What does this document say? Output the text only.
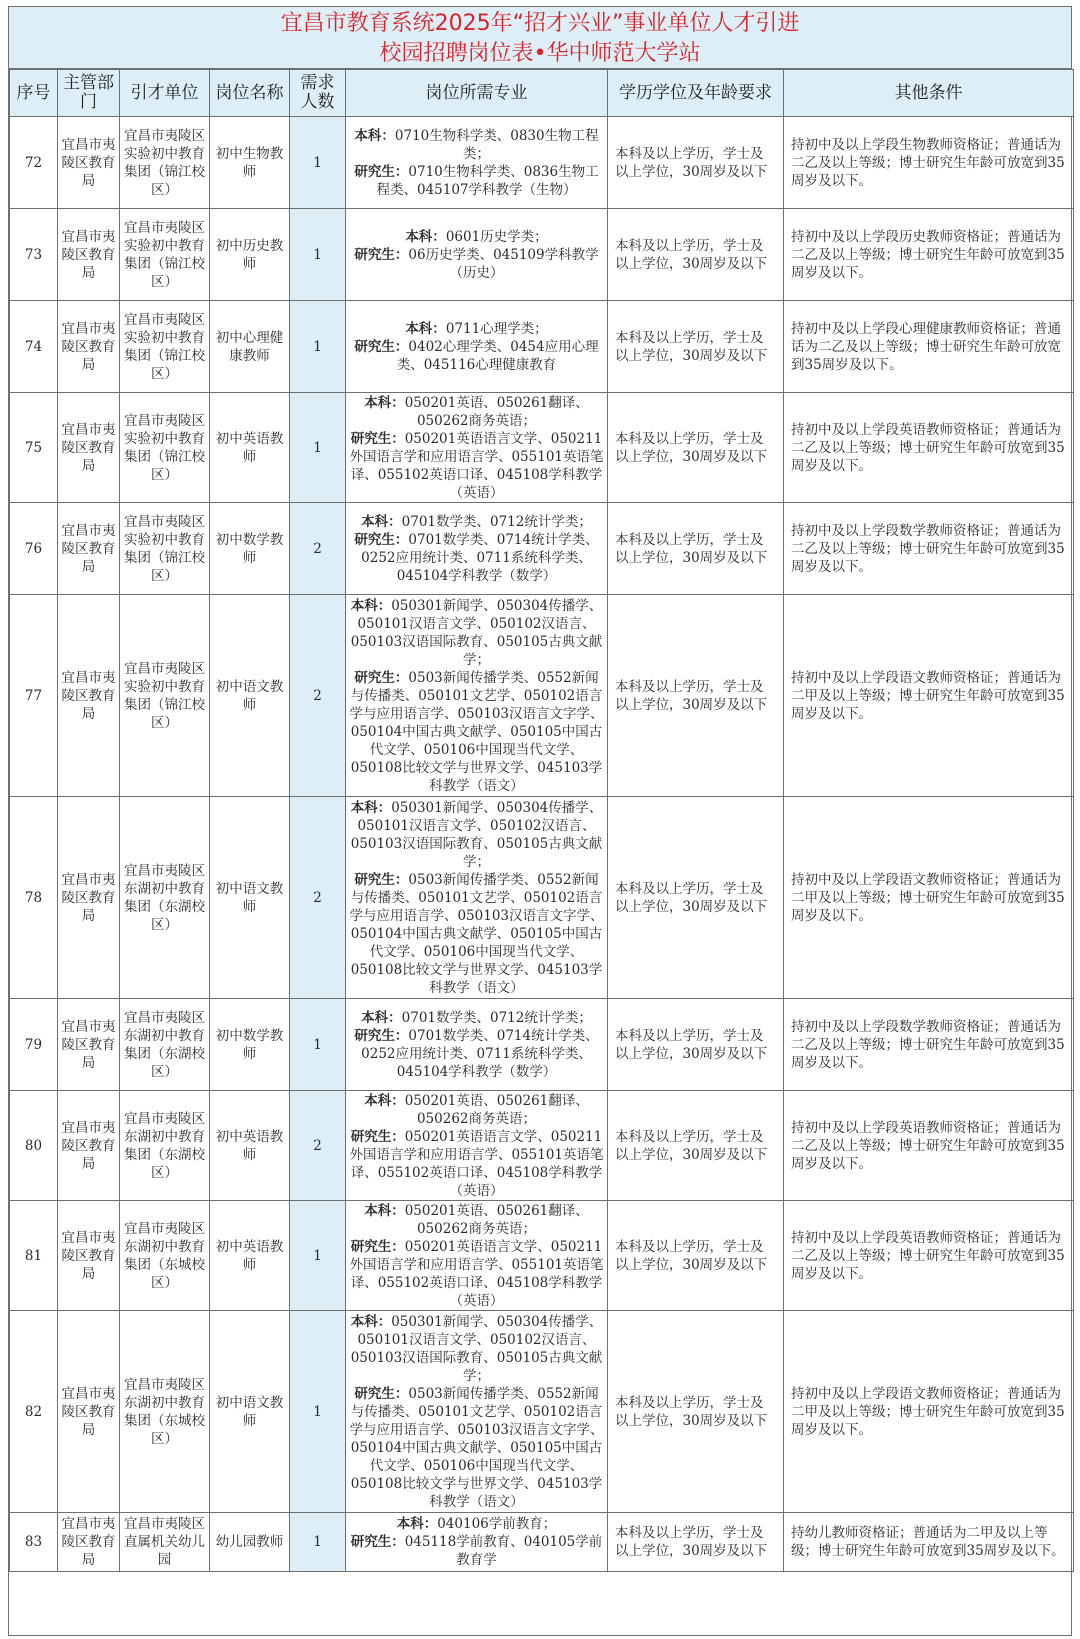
宜昌市教育系统2025年“招才兴业”事业单位人才引进
校园招聘岗位表•华中师范大学站
序号	主管部门	引才单位	岗位名称	需求人数	岗位所需专业	学历学位及年龄要求	其他条件
72	宜昌市夷陵区教育局	宜昌市夷陵区实验初中教育集团（锦江校区）	初中生物教师	1	本科：0710生物科学类、0830生物工程类；
研究生：0710生物科学类、0836生物工程类、045107学科教学（生物）	本科及以上学历，学士及以上学位，30周岁及以下	持初中及以上学段生物教师资格证；普通话为二乙及以上等级；博士研究生年龄可放宽到35周岁及以下。
73	宜昌市夷陵区教育局	宜昌市夷陵区实验初中教育集团（锦江校区）	初中历史教师	1	本科：0601历史学类；
研究生：06历史学类、045109学科教学（历史）	本科及以上学历，学士及以上学位，30周岁及以下	持初中及以上学段历史教师资格证；普通话为二乙及以上等级；博士研究生年龄可放宽到35周岁及以下。
74	宜昌市夷陵区教育局	宜昌市夷陵区实验初中教育集团（锦江校区）	初中心理健康教师	1	本科：0711心理学类；
研究生：0402心理学类、0454应用心理类、045116心理健康教育	本科及以上学历，学士及以上学位，30周岁及以下	持初中及以上学段心理健康教师资格证；普通话为二乙及以上等级；博士研究生年龄可放宽到35周岁及以下。
75	宜昌市夷陵区教育局	宜昌市夷陵区实验初中教育集团（锦江校区）	初中英语教师	1	本科：050201英语、050261翻译、050262商务英语；
研究生：050201英语语言文学、050211外国语言学和应用语言学、055101英语笔译、055102英语口译、045108学科教学（英语）	本科及以上学历，学士及以上学位，30周岁及以下	持初中及以上学段英语教师资格证；普通话为二乙及以上等级；博士研究生年龄可放宽到35周岁及以下。
76	宜昌市夷陵区教育局	宜昌市夷陵区实验初中教育集团（锦江校区）	初中数学教师	2	本科：0701数学类、0712统计学类；
研究生：0701数学类、0714统计学类、0252应用统计类、0711系统科学类、045104学科教学（数学）	本科及以上学历，学士及以上学位，30周岁及以下	持初中及以上学段数学教师资格证；普通话为二乙及以上等级；博士研究生年龄可放宽到35周岁及以下。
77	宜昌市夷陵区教育局	宜昌市夷陵区实验初中教育集团（锦江校区）	初中语文教师	2	本科：050301新闻学、050304传播学、050101汉语言文学、050102汉语言、050103汉语国际教育、050105古典文献学；
研究生：0503新闻传播学类、0552新闻与传播类、050101文艺学、050102语言学与应用语言学、050103汉语言文字学、050104中国古典文献学、050105中国古代文学、050106中国现当代文学、050108比较文学与世界文学、045103学科教学（语文）	本科及以上学历，学士及以上学位，30周岁及以下	持初中及以上学段语文教师资格证；普通话为二甲及以上等级；博士研究生年龄可放宽到35周岁及以下。
78	宜昌市夷陵区教育局	宜昌市夷陵区东湖初中教育集团（东湖校区）	初中语文教师	2	本科：050301新闻学、050304传播学、050101汉语言文学、050102汉语言、050103汉语国际教育、050105古典文献学；
研究生：0503新闻传播学类、0552新闻与传播类、050101文艺学、050102语言学与应用语言学、050103汉语言文字学、050104中国古典文献学、050105中国古代文学、050106中国现当代文学、050108比较文学与世界文学、045103学科教学（语文）	本科及以上学历，学士及以上学位，30周岁及以下	持初中及以上学段语文教师资格证；普通话为二甲及以上等级；博士研究生年龄可放宽到35周岁及以下。
79	宜昌市夷陵区教育局	宜昌市夷陵区东湖初中教育集团（东湖校区）	初中数学教师	1	本科：0701数学类、0712统计学类；
研究生：0701数学类、0714统计学类、0252应用统计类、0711系统科学类、045104学科教学（数学）	本科及以上学历，学士及以上学位，30周岁及以下	持初中及以上学段数学教师资格证；普通话为二乙及以上等级；博士研究生年龄可放宽到35周岁及以下。
80	宜昌市夷陵区教育局	宜昌市夷陵区东湖初中教育集团（东湖校区）	初中英语教师	2	本科：050201英语、050261翻译、050262商务英语；
研究生：050201英语语言文学、050211外国语言学和应用语言学、055101英语笔译、055102英语口译、045108学科教学（英语）	本科及以上学历，学士及以上学位，30周岁及以下	持初中及以上学段英语教师资格证；普通话为二乙及以上等级；博士研究生年龄可放宽到35周岁及以下。
81	宜昌市夷陵区教育局	宜昌市夷陵区东湖初中教育集团（东城校区）	初中英语教师	1	本科：050201英语、050261翻译、050262商务英语；
研究生：050201英语语言文学、050211外国语言学和应用语言学、055101英语笔译、055102英语口译、045108学科教学（英语）	本科及以上学历，学士及以上学位，30周岁及以下	持初中及以上学段英语教师资格证；普通话为二乙及以上等级；博士研究生年龄可放宽到35周岁及以下。
82	宜昌市夷陵区教育局	宜昌市夷陵区东湖初中教育集团（东城校区）	初中语文教师	1	本科：050301新闻学、050304传播学、050101汉语言文学、050102汉语言、050103汉语国际教育、050105古典文献学；
研究生：0503新闻传播学类、0552新闻与传播类、050101文艺学、050102语言学与应用语言学、050103汉语言文字学、050104中国古典文献学、050105中国古代文学、050106中国现当代文学、050108比较文学与世界文学、045103学科教学（语文）	本科及以上学历，学士及以上学位，30周岁及以下	持初中及以上学段语文教师资格证；普通话为二甲及以上等级；博士研究生年龄可放宽到35周岁及以下。
83	宜昌市夷陵区教育局	宜昌市夷陵区直属机关幼儿园	幼儿园教师	1	本科：040106学前教育；
研究生：045118学前教育、040105学前教育学	本科及以上学历，学士及以上学位，30周岁及以下	持幼儿教师资格证；普通话为二甲及以上等级；博士研究生年龄可放宽到35周岁及以下。
